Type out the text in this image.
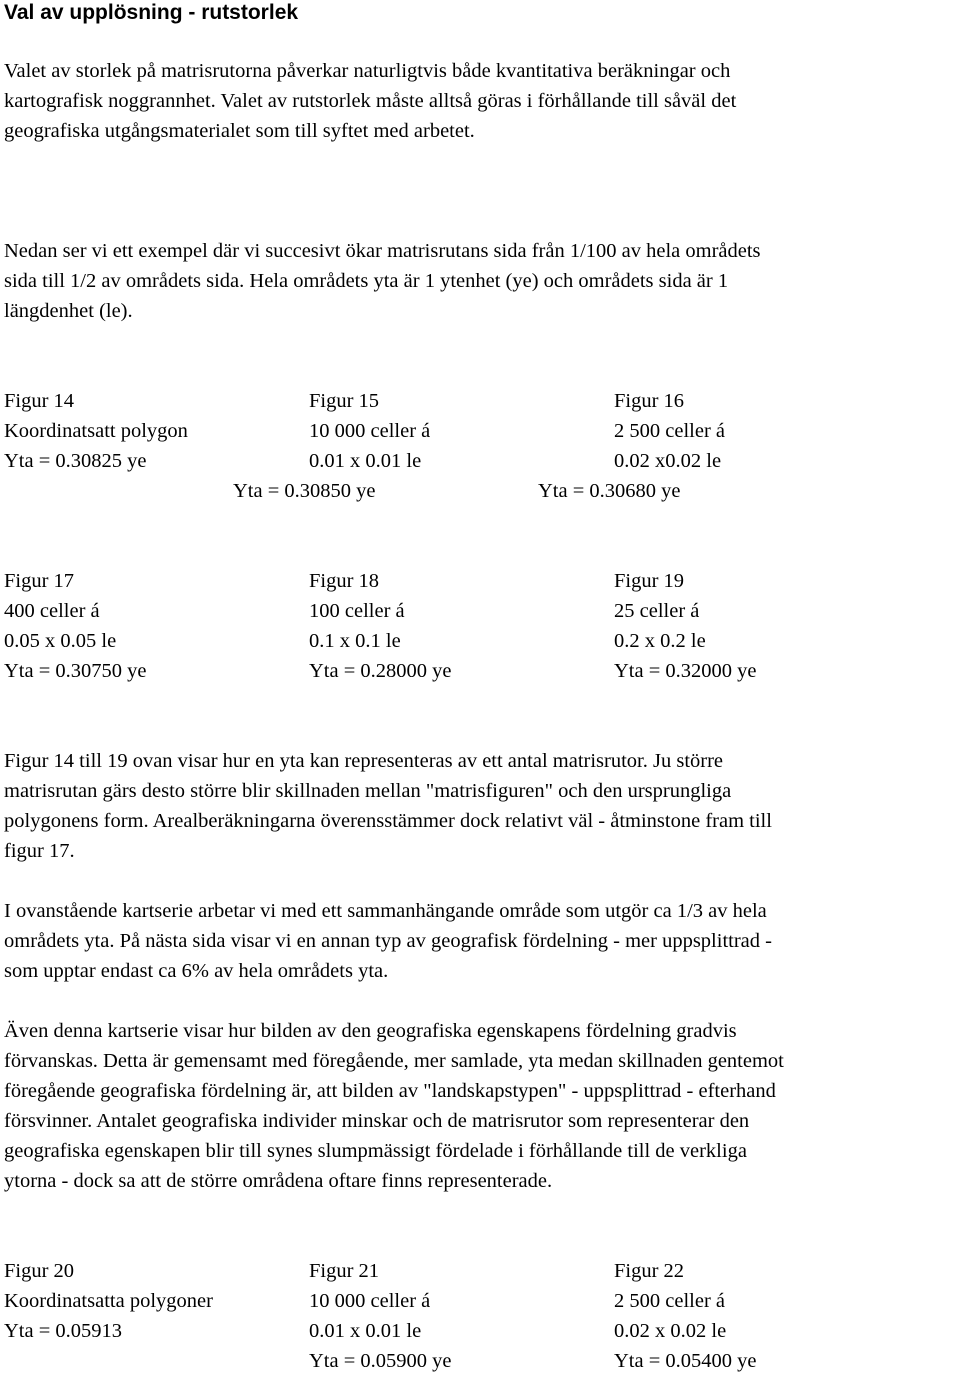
Val av upplösning - rutstorlek

Valet av storlek på matrisrutorna påverkar naturligtvis både kvantitativa beräkningar och
kartografisk noggrannhet. Valet av rutstorlek måste alltså göras i förhållande till såväl det
geografiska utgångsmaterialet som till syftet med arbetet.

Nedan ser vi ett exempel där vi succesivt ökar matrisrutans sida från 1/100 av hela områdets
sida till 1/2 av områdets sida. Hela områdets yta är 1 ytenhet (ye) och områdets sida är 1
längdenhet (le).

Figur 14
Koordinatsatt polygon
Yta = 0.30825 ye
Figur 15
10 000 celler á
0.01 x 0.01 le
Yta = 0.30850 ye
Figur 16
2 500 celler á
0.02 x0.02 le
Yta = 0.30680 ye
Figur 17
400 celler á
0.05 x 0.05 le
Yta = 0.30750 ye
Figur 18
100 celler á
0.1 x 0.1 le
Yta = 0.28000 ye
Figur 19
25 celler á
0.2 x 0.2 le
Yta = 0.32000 ye

Figur 14 till 19 ovan visar hur en yta kan representeras av ett antal matrisrutor. Ju större
matrisrutan gärs desto större blir skillnaden mellan "matrisfiguren" och den ursprungliga
polygonens form. Arealberäkningarna överensstämmer dock relativt väl - åtminstone fram till
figur 17.

I ovanstående kartserie arbetar vi med ett sammanhängande område som utgör ca 1/3 av hela
områdets yta. På nästa sida visar vi en annan typ av geografisk fördelning - mer uppsplittrad -
som upptar endast ca 6% av hela områdets yta.

Även denna kartserie visar hur bilden av den geografiska egenskapens fördelning gradvis
förvanskas. Detta är gemensamt med föregående, mer samlade, yta medan skillnaden gentemot
föregående geografiska fördelning är, att bilden av "landskapstypen" - uppsplittrad - efterhand
försvinner. Antalet geografiska individer minskar och de matrisrutor som representerar den
geografiska egenskapen blir till synes slumpmässigt fördelade i förhållande till de verkliga
ytorna - dock sa att de större områdena oftare finns representerade.

Figur 20
Koordinatsatta polygoner
Yta = 0.05913
Figur 21
10 000 celler á
0.01 x 0.01 le
Yta = 0.05900 ye
Figur 22
2 500 celler á
0.02 x 0.02 le
Yta = 0.05400 ye
